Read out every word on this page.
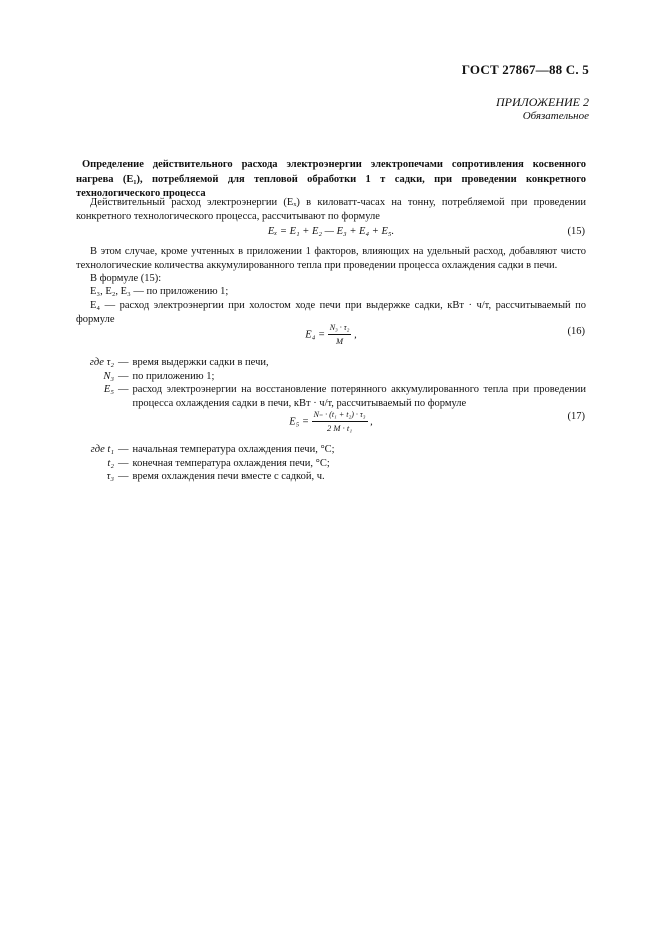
ГОСТ 27867—88 С. 5
ПРИЛОЖЕНИЕ 2
Обязательное
Определение действительного расхода электроэнергии электропечами сопротивления косвенного нагрева (E₁), потребляемой для тепловой обработки 1 т садки, при проведении конкретного технологического процесса
Действительный расход электроэнергии (Eₓ) в киловатт-часах на тонну, потребляемой при проведении конкретного технологического процесса, рассчитывают по формуле
Eₓ = E₁ + E₂ — E₃ + E₄ + E₅.	(15)
В этом случае, кроме учтенных в приложении 1 факторов, влияющих на удельный расход, добавляют чисто технологические количества аккумулированного тепла при проведении процесса охлаждения садки в печи.
В формуле (15):
E₃, E₂, E₃ — по приложению 1;
E₄ — расход электроэнергии при холостом ходе печи при выдержке садки, кВт · ч/т, рассчитываемый по формуле
$E_4 = \frac{\text{N₃ · τ₂}}{M}$ ,	(16)
где τ₂ — время выдержки садки в печи,
N₃ — по приложению 1;
E₅ — расход электроэнергии на восстановление потерянного аккумулированного тепла при проведении процесса охлаждения садки в печи, кВт · ч/т, рассчитываемый по формуле
$E_5 = \frac{\text{N₌ · (t₁ + t₂) · τ₃}}{\text{2 M · t₁}}$ ,
(17)
где t₁ — начальная температура охлаждения печи, °C;
t₂ — конечная температура охлаждения печи, °C;
τ₃ — время охлаждения печи вместе с садкой, ч.
